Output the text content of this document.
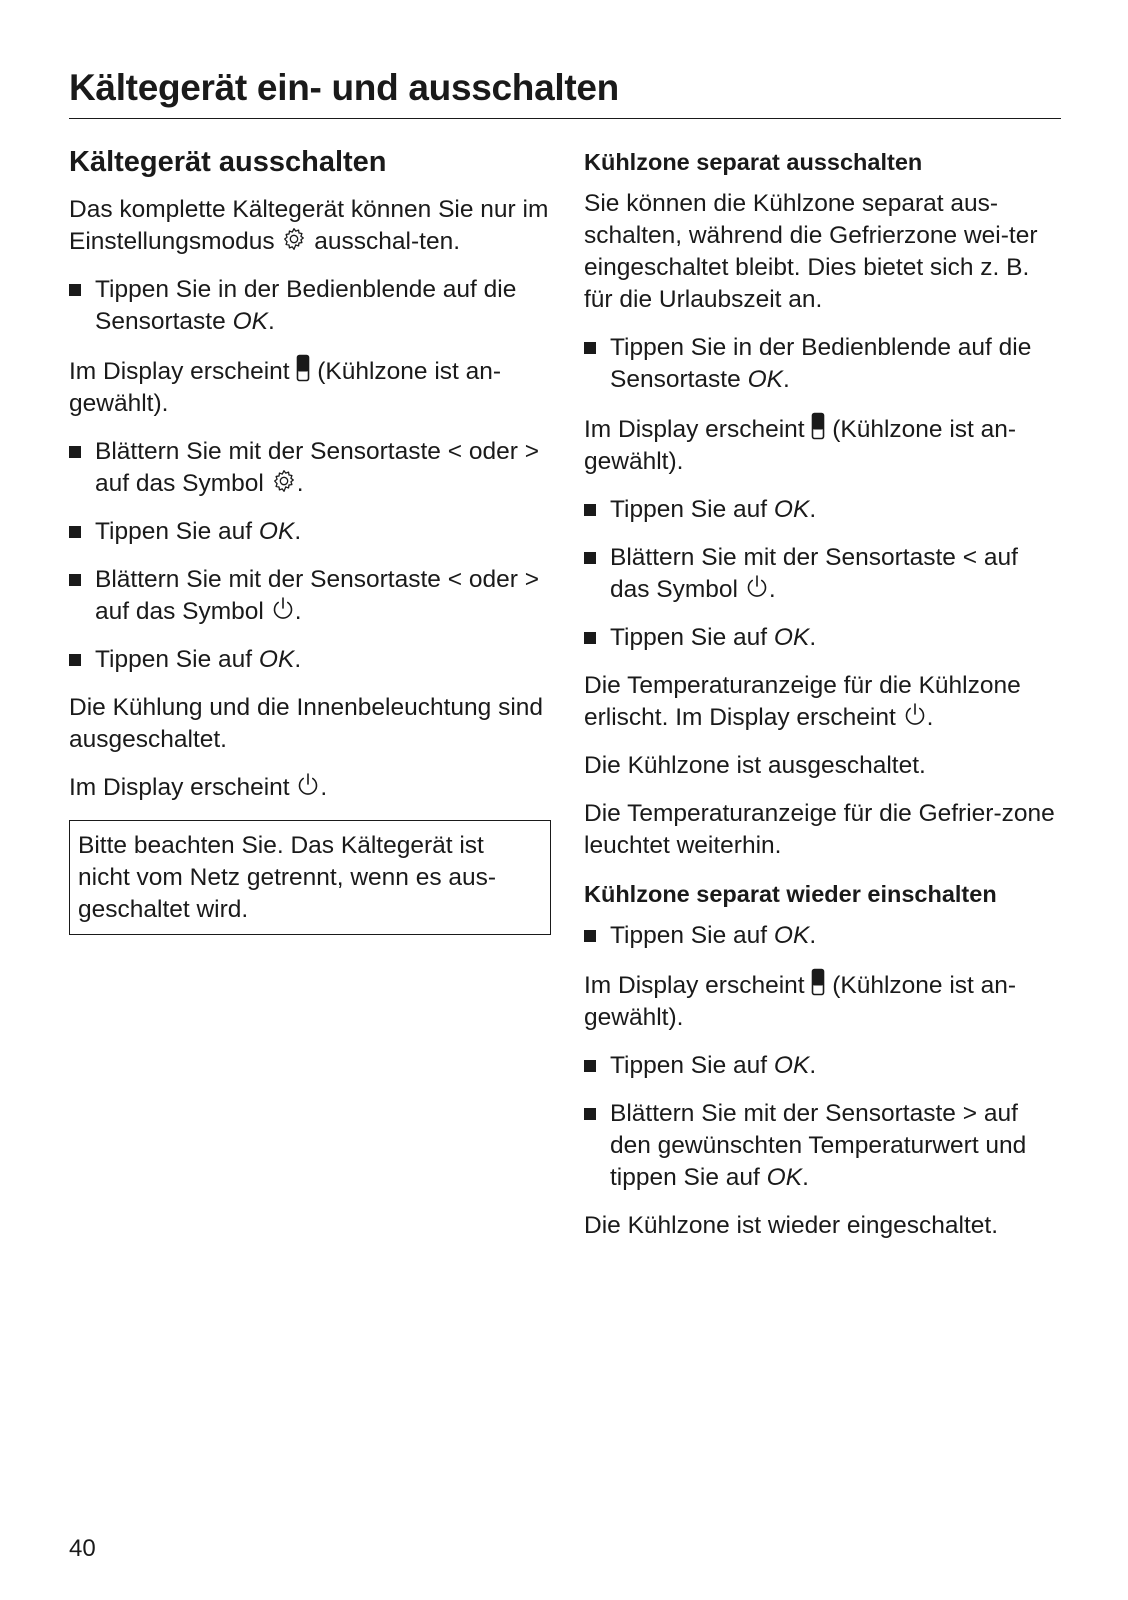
Kältegerät ein- und ausschalten
Kältegerät ausschalten

Das komplette Kältegerät können Sie nur im Einstellungsmodus ausschal-ten.

Tippen Sie in der Bedienblende auf die Sensortaste OK.

Im Display erscheint (Kühlzone ist an-gewählt).

Blättern Sie mit der Sensortaste < oder > auf das Symbol .
Tippen Sie auf OK.
Blättern Sie mit der Sensortaste < oder > auf das Symbol .
Tippen Sie auf OK.

Die Kühlung und die Innenbeleuchtung sind ausgeschaltet.

Im Display erscheint .

Bitte beachten Sie. Das Kältegerät ist nicht vom Netz getrennt, wenn es aus-geschaltet wird.
Kühlzone separat ausschalten

Sie können die Kühlzone separat aus-schalten, während die Gefrierzone wei-ter eingeschaltet bleibt. Dies bietet sich z. B. für die Urlaubszeit an.

Tippen Sie in der Bedienblende auf die Sensortaste OK.

Im Display erscheint (Kühlzone ist an-gewählt).

Tippen Sie auf OK.
Blättern Sie mit der Sensortaste < auf das Symbol .
Tippen Sie auf OK.

Die Temperaturanzeige für die Kühlzone erlischt. Im Display erscheint .

Die Kühlzone ist ausgeschaltet.

Die Temperaturanzeige für die Gefrier-zone leuchtet weiterhin.

Kühlzone separat wieder einschalten
Tippen Sie auf OK.

Im Display erscheint (Kühlzone ist an-gewählt).

Tippen Sie auf OK.
Blättern Sie mit der Sensortaste > auf den gewünschten Temperaturwert und tippen Sie auf OK.

Die Kühlzone ist wieder eingeschaltet.

40
